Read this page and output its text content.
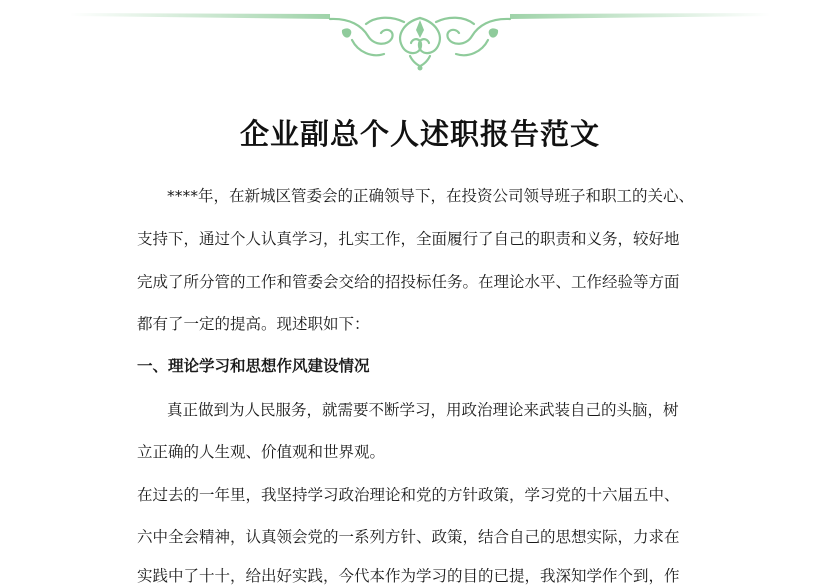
企业副总个人述职报告范文

****年，在新城区管委会的正确领导下，在投资公司领导班子和职工的关心、

支持下，通过个人认真学习，扎实工作，全面履行了自己的职责和义务，较好地

完成了所分管的工作和管委会交给的招投标任务。在理论水平、工作经验等方面

都有了一定的提高。现述职如下：

一、理论学习和思想作风建设情况

真正做到为人民服务，就需要不断学习，用政治理论来武装自己的头脑，树

立正确的人生观、价值观和世界观。

在过去的一年里，我坚持学习政治理论和党的方针政策，学习党的十六届五中、

六中全会精神，认真领会党的一系列方针、政策，结合自己的思想实际，力求在

实践中了十十，给出好实践，今代本作为学习的目的已提，我深知学作个到，作
